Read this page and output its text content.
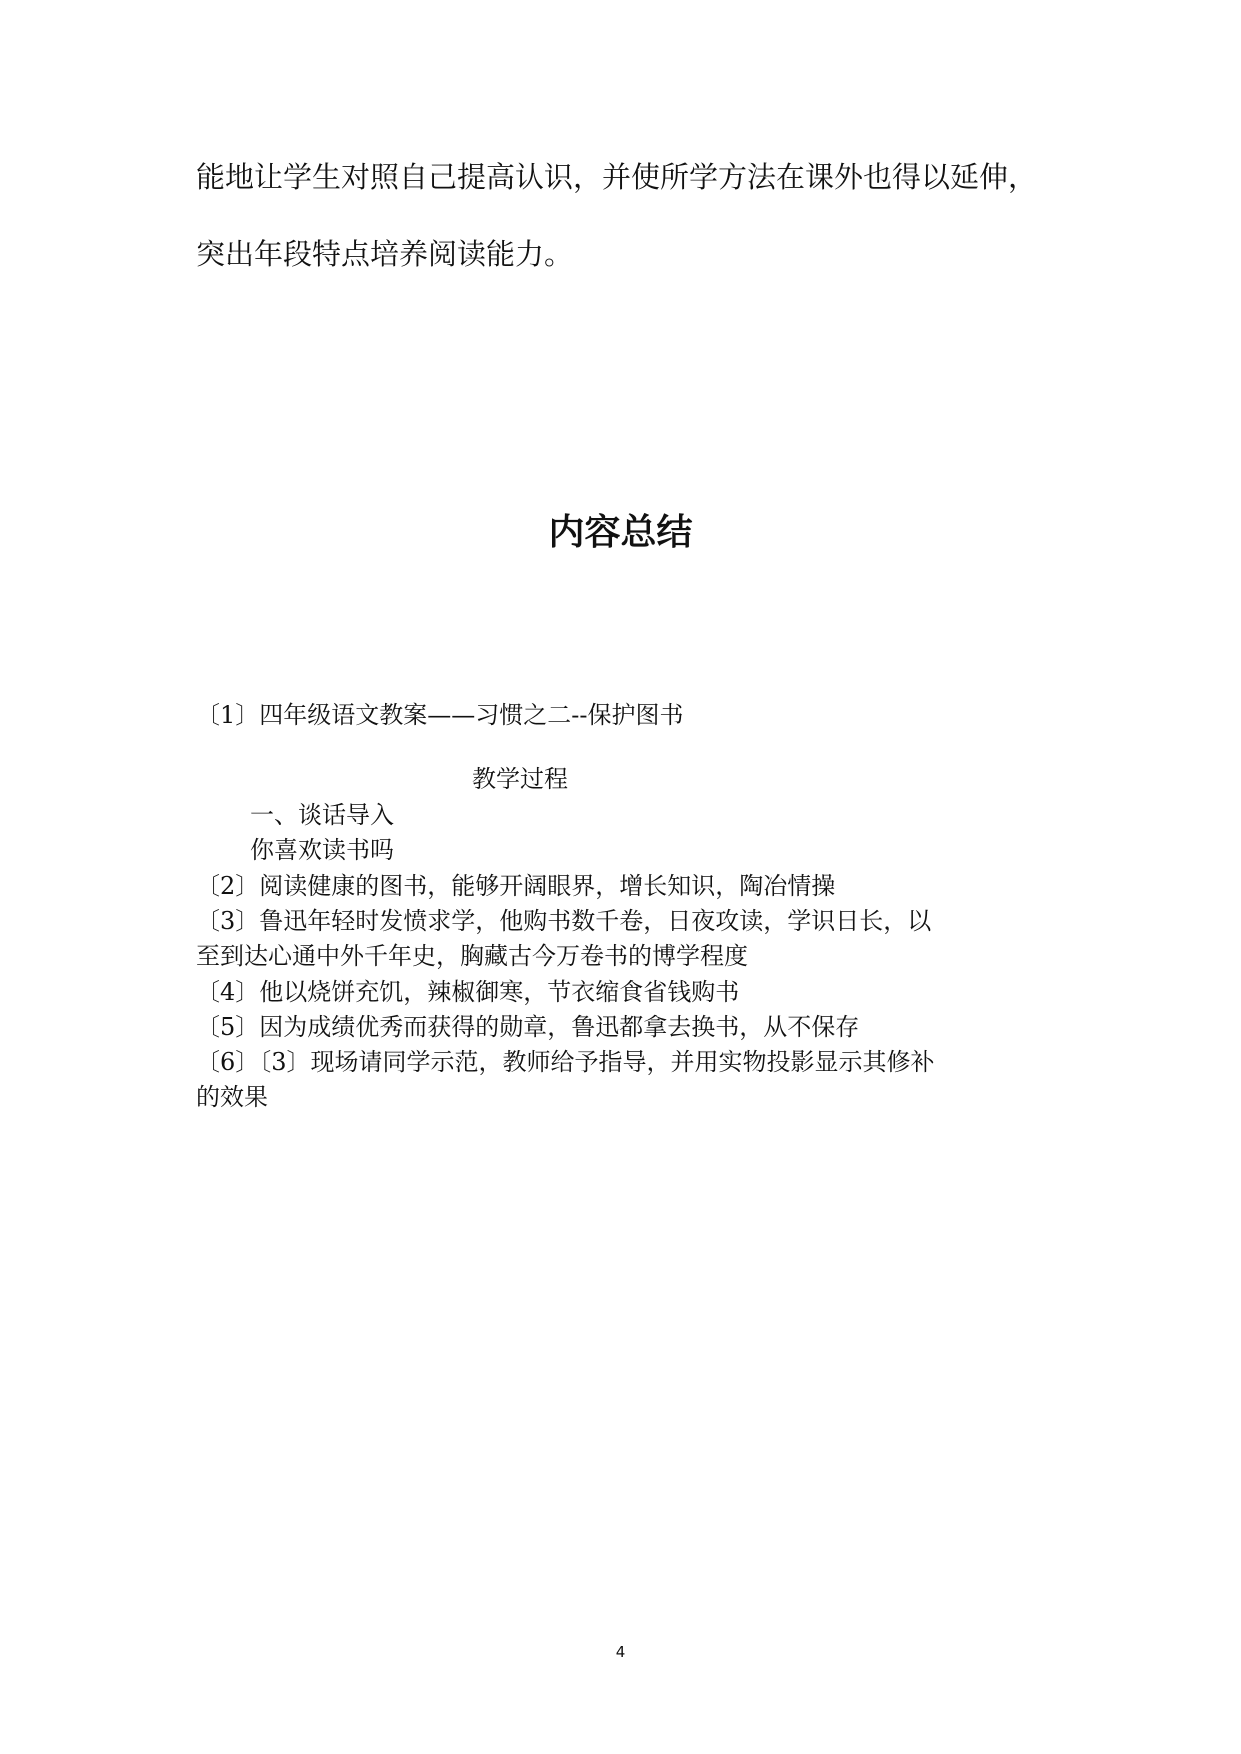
能地让学生对照自己提高认识，并使所学方法在课外也得以延伸，
突出年段特点培养阅读能力。
内容总结
〔1〕四年级语文教案——习惯之二--保护图书
教学过程
一、谈话导入
你喜欢读书吗
〔2〕阅读健康的图书，能够开阔眼界，增长知识，陶冶情操
〔3〕鲁迅年轻时发愤求学，他购书数千卷，日夜攻读，学识日长，以
至到达心通中外千年史，胸藏古今万卷书的博学程度
〔4〕他以烧饼充饥，辣椒御寒，节衣缩食省钱购书
〔5〕因为成绩优秀而获得的勋章，鲁迅都拿去换书，从不保存
〔6〕〔3〕现场请同学示范，教师给予指导，并用实物投影显示其修补
的效果
4
